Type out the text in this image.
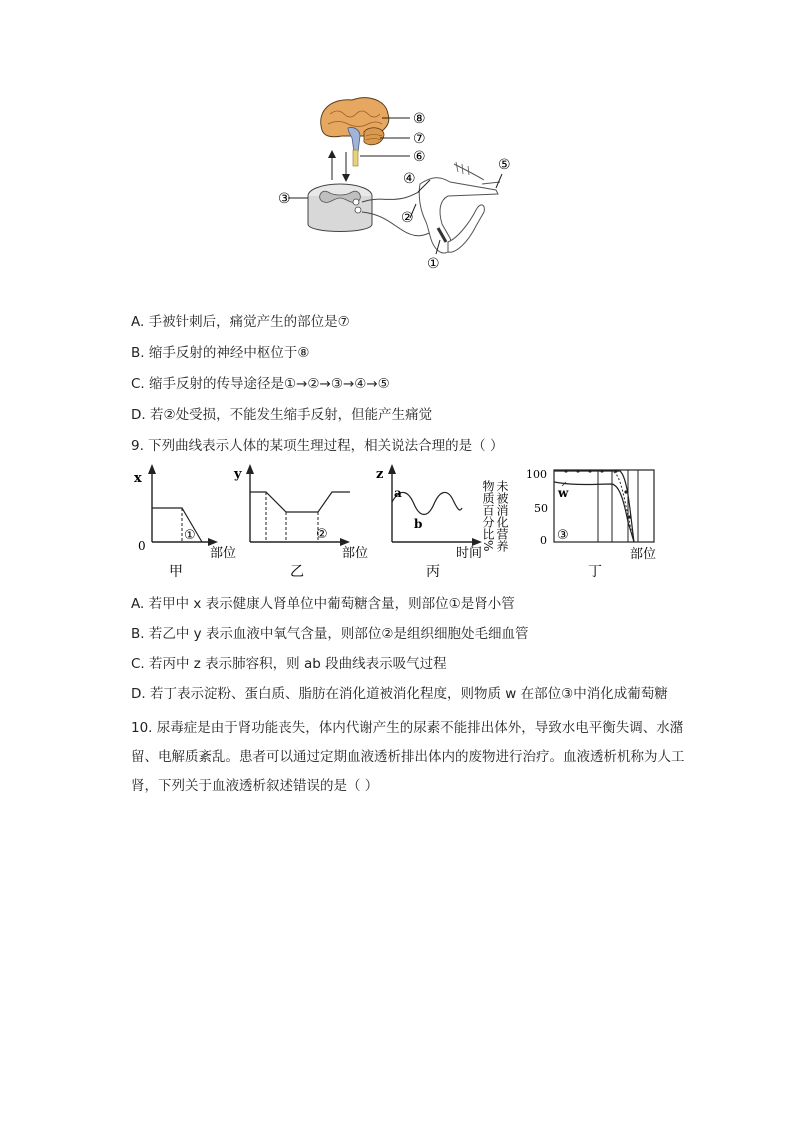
⑧
⑦
⑥	⑤
④
③
②
①
A. 手被针刺后，痛觉产生的部位是⑦
B. 缩手反射的神经中枢位于⑧
C. 缩手反射的传导途径是①→②→③→④→⑤
D. 若②处受损，不能发生缩手反射，但能产生痛觉
9. 下列曲线表示人体的某项生理过程，相关说法合理的是（ ）
x
0	部位
①
甲
y
部位
②
乙
z
a
b
时间
丙
未被消化营养
物质百分比%
100
50
0
w
③
部位
丁
A. 若甲中 x 表示健康人肾单位中葡萄糖含量，则部位①是肾小管
B. 若乙中 y 表示血液中氧气含量，则部位②是组织细胞处毛细血管
C. 若丙中 z 表示肺容积，则 ab 段曲线表示吸气过程
D. 若丁表示淀粉、蛋白质、脂肪在消化道被消化程度，则物质 w 在部位③中消化成葡萄糖
10. 尿毒症是由于肾功能丧失，体内代谢产生的尿素不能排出体外，导致水电平衡失调、水潴留、电解质紊乱。患者可以通过定期血液透析排出体内的废物进行治疗。血液透析机称为人工肾，下列关于血液透析叙述错误的是（ ）
